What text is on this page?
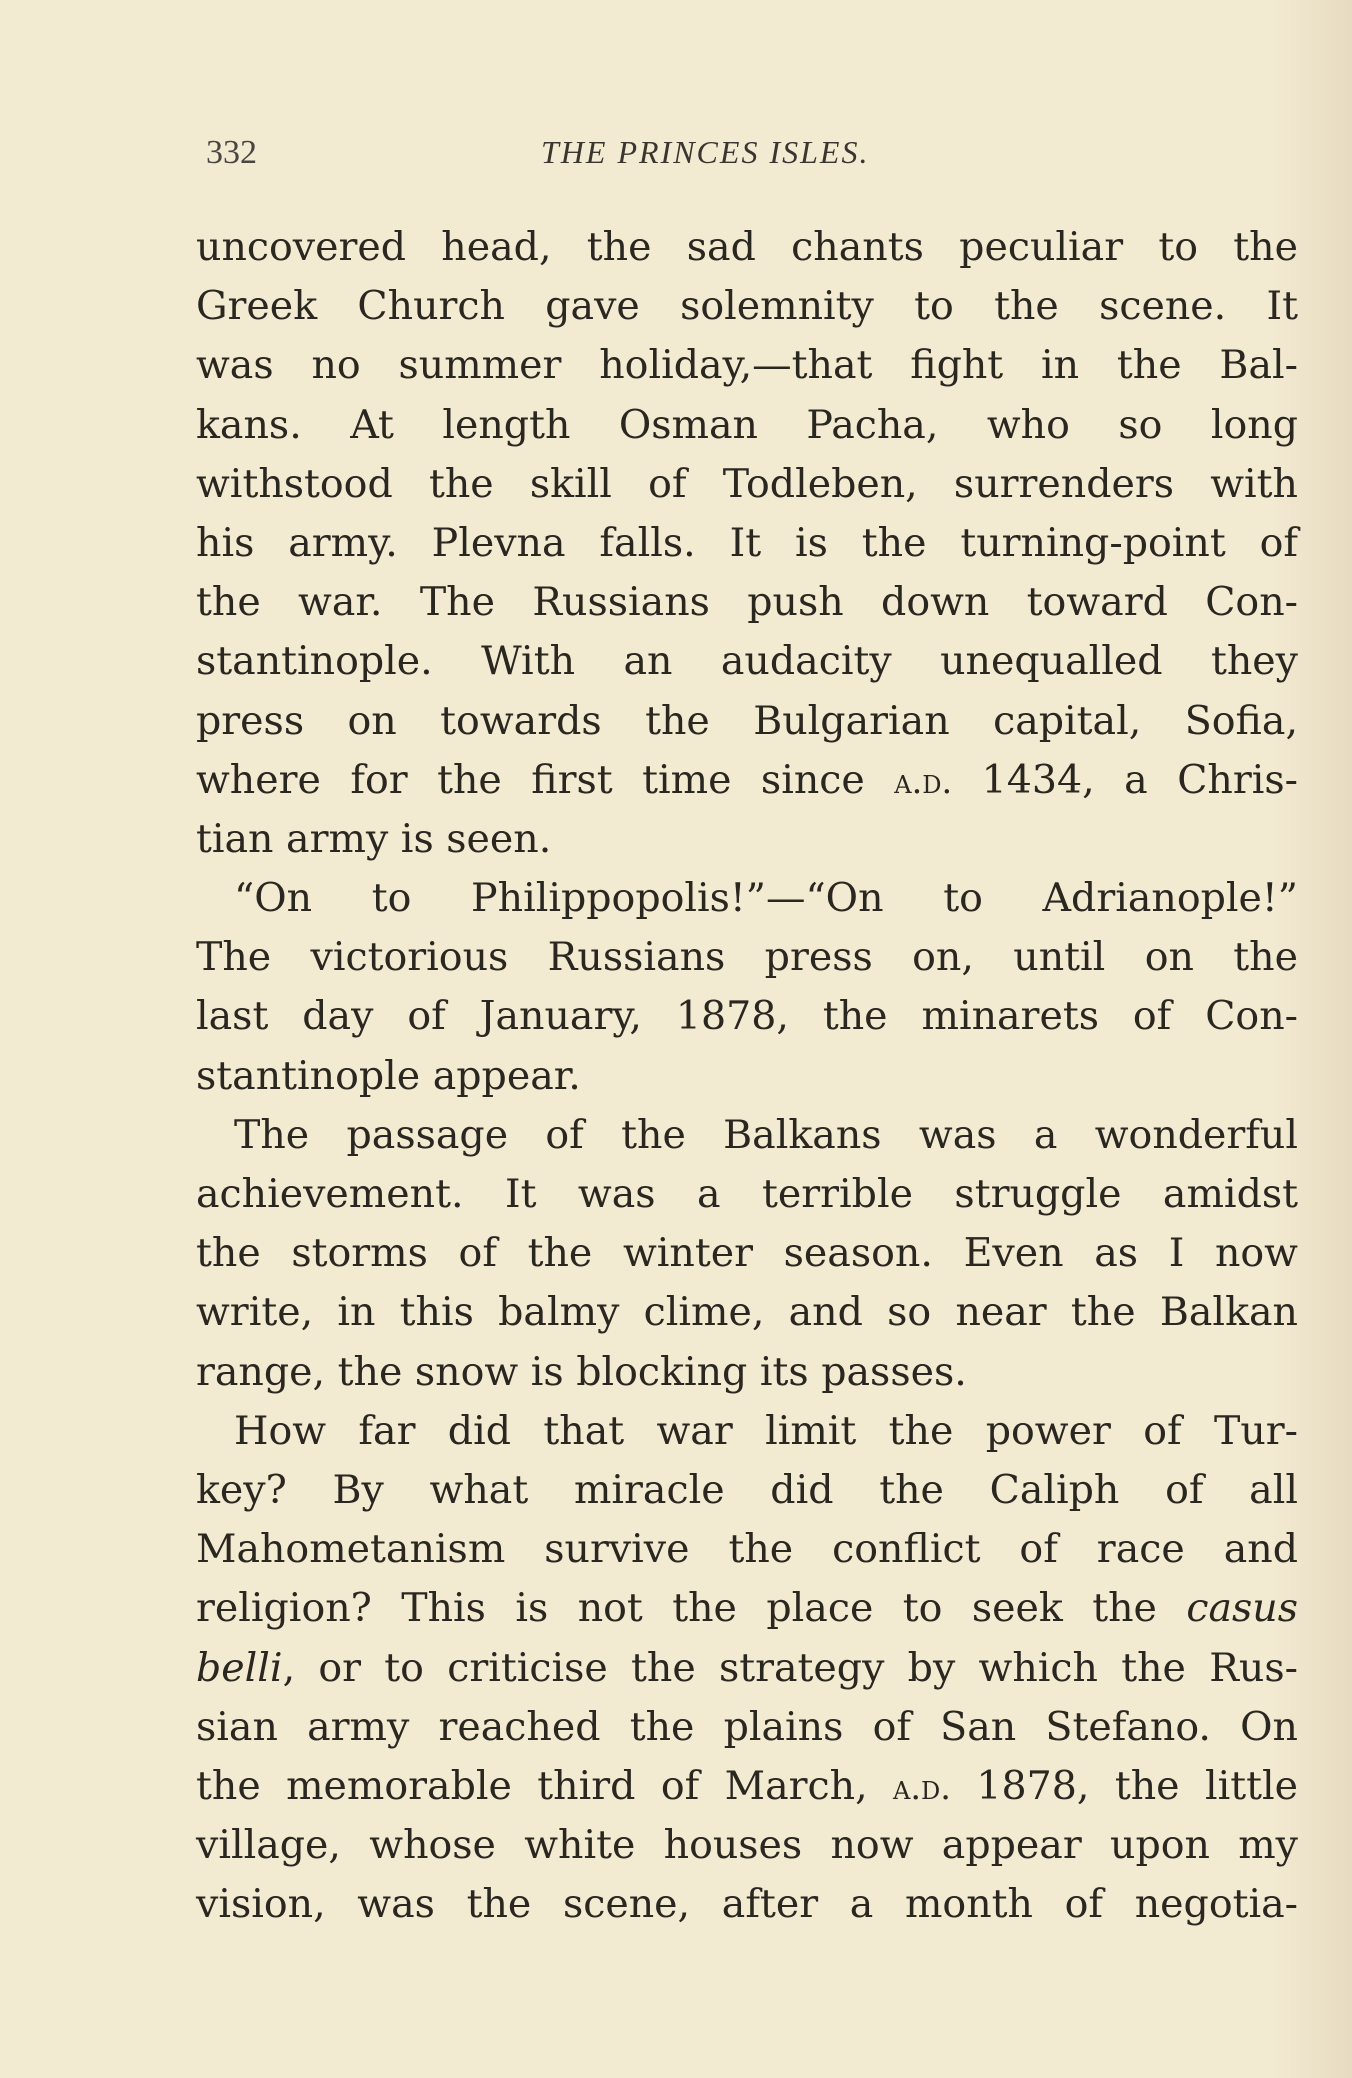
332	THE PRINCES ISLES.
uncovered head, the sad chants peculiar to the
Greek Church gave solemnity to the scene. It
was no summer holiday,—that fight in the Bal-
kans. At length Osman Pacha, who so long
withstood the skill of Todleben, surrenders with
his army. Plevna falls. It is the turning-point of
the war. The Russians push down toward Con-
stantinople. With an audacity unequalled they
press on towards the Bulgarian capital, Sofia,
where for the first time since a.d. 1434, a Chris-
tian army is seen.
“On to Philippopolis!”—“On to Adrianople!”
The victorious Russians press on, until on the
last day of January, 1878, the minarets of Con-
stantinople appear.
The passage of the Balkans was a wonderful
achievement. It was a terrible struggle amidst
the storms of the winter season. Even as I now
write, in this balmy clime, and so near the Balkan
range, the snow is blocking its passes.
How far did that war limit the power of Tur-
key? By what miracle did the Caliph of all
Mahometanism survive the conflict of race and
religion? This is not the place to seek the casus
belli, or to criticise the strategy by which the Rus-
sian army reached the plains of San Stefano. On
the memorable third of March, a.d. 1878, the little
village, whose white houses now appear upon my
vision, was the scene, after a month of negotia-
